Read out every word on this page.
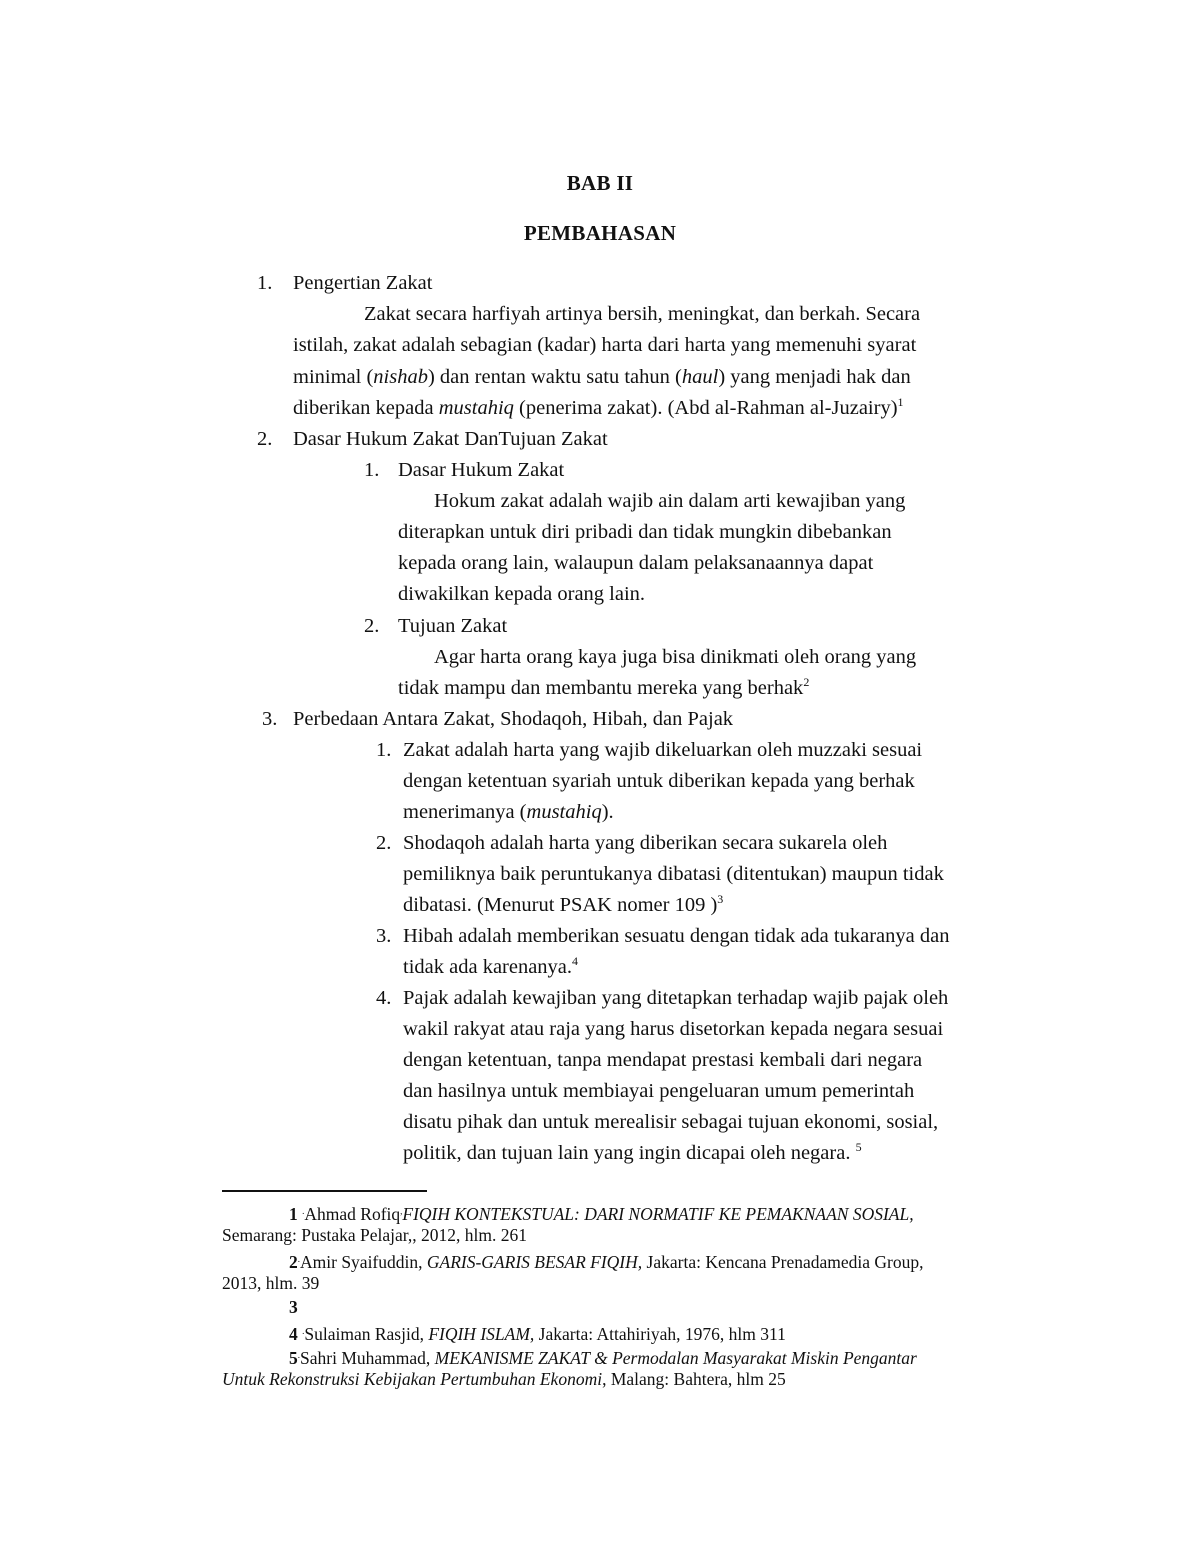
BAB II
PEMBAHASAN
1. Pengertian Zakat
Zakat secara harfiyah artinya bersih, meningkat, dan berkah. Secara
istilah, zakat adalah sebagian (kadar) harta dari harta yang memenuhi syarat
minimal (nishab) dan rentan waktu satu tahun (haul) yang menjadi hak dan
diberikan kepada mustahiq (penerima zakat). (Abd al-Rahman al-Juzairy)$^1$
2. Dasar Hukum Zakat DanTujuan Zakat
1. Dasar Hukum Zakat
Hokum zakat adalah wajib ain dalam arti kewajiban yang
diterapkan untuk diri pribadi dan tidak mungkin dibebankan
kepada orang lain, walaupun dalam pelaksanaannya dapat
diwakilkan kepada orang lain.
2. Tujuan Zakat
Agar harta orang kaya juga bisa dinikmati oleh orang yang
tidak mampu dan membantu mereka yang berhak$^2$
3. Perbedaan Antara Zakat, Shodaqoh, Hibah, dan Pajak
1. Zakat adalah harta yang wajib dikeluarkan oleh muzzaki sesuai
dengan ketentuan syariah untuk diberikan kepada yang berhak
menerimanya (mustahiq).
2. Shodaqoh adalah harta yang diberikan secara sukarela oleh
pemiliknya baik peruntukanya dibatasi (ditentukan) maupun tidak
dibatasi. (Menurut PSAK nomer 109 )$^3$
3. Hibah adalah memberikan sesuatu dengan tidak ada tukaranya dan
tidak ada karenanya.$^4$
4. Pajak adalah kewajiban yang ditetapkan terhadap wajib pajak oleh
wakil rakyat atau raja yang harus disetorkan kepada negara sesuai
dengan ketentuan, tanpa mendapat prestasi kembali dari negara
dan hasilnya untuk membiayai pengeluaran umum pemerintah
disatu pihak dan untuk merealisir sebagai tujuan ekonomi, sosial,
politik, dan tujuan lain yang ingin dicapai oleh negara. $^5$
1 .Ahmad Rofiq,FIQIH KONTEKSTUAL: DARI NORMATIF KE PEMAKNAAN SOSIAL,
Semarang: Pustaka Pelajar,, 2012, hlm. 261
2.Amir Syaifuddin, GARIS-GARIS BESAR FIQIH, Jakarta: Kencana Prenadamedia Group,
2013, hlm. 39
3
4 .Sulaiman Rasjid, FIQIH ISLAM, Jakarta: Attahiriyah, 1976, hlm 311
5.Sahri Muhammad, MEKANISME ZAKAT & Permodalan Masyarakat Miskin Pengantar
Untuk Rekonstruksi Kebijakan Pertumbuhan Ekonomi, Malang: Bahtera, hlm 25
